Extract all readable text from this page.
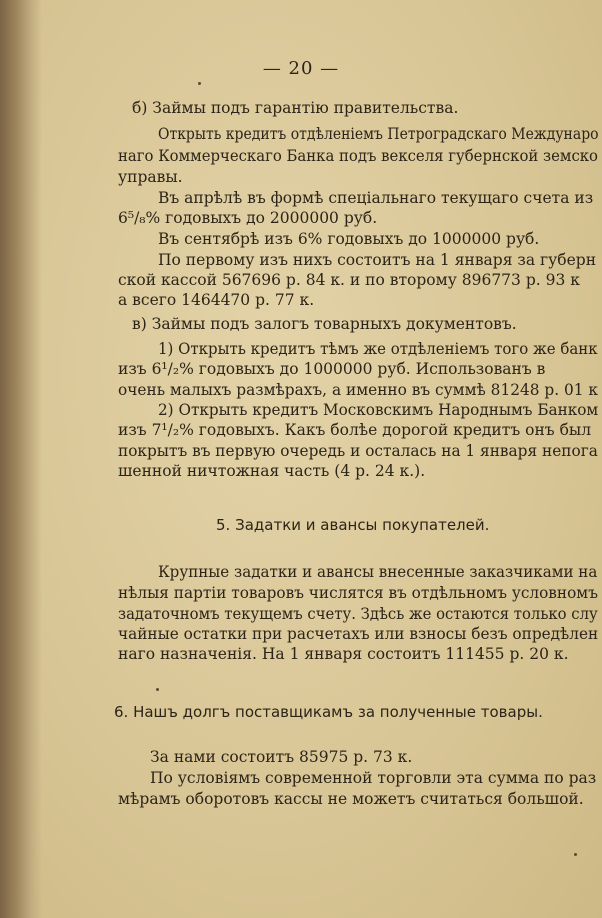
— 20 —
б) Займы подъ гарантію правительства.
Открыть кредитъ отдѣленіемъ Петроградскаго Междунаро
наго Коммерческаго Банка подъ векселя губернской земско
управы.
Въ апрѣлѣ въ формѣ спеціальнаго текущаго счета из
6⁵/₈% годовыхъ до 2000000 руб.
Въ сентябрѣ изъ 6% годовыхъ до 1000000 руб.
По первому изъ нихъ состоитъ на 1 января за губерн
ской кассой 567696 р. 84 к. и по второму 896773 р. 93 к
а всего 1464470 р. 77 к.
в) Займы подъ залогъ товарныхъ документовъ.
1) Открыть кредитъ тѣмъ же отдѣленіемъ того же банк
изъ 6¹/₂% годовыхъ до 1000000 руб. Использованъ в
очень малыхъ размѣрахъ, а именно въ суммѣ 81248 р. 01 к
2) Открыть кредитъ Московскимъ Народнымъ Банком
изъ 7¹/₂% годовыхъ. Какъ болѣе дорогой кредитъ онъ был
покрытъ въ первую очередь и осталась на 1 января непога
шенной ничтожная часть (4 р. 24 к.).
5. Задатки и авансы покупателей.
Крупные задатки и авансы внесенные заказчиками на
нѣлыя партіи товаровъ числятся въ отдѣльномъ условномъ
задаточномъ текущемъ счету. Здѣсь же остаются только слу
чайные остатки при расчетахъ или взносы безъ опредѣлен
наго назначенія. На 1 января состоитъ 111455 р. 20 к.
6. Нашъ долгъ поставщикамъ за полученные товары.
За нами состоитъ 85975 р. 73 к.
По условіямъ современной торговли эта сумма по раз
мѣрамъ оборотовъ кассы не можетъ считаться большой.
